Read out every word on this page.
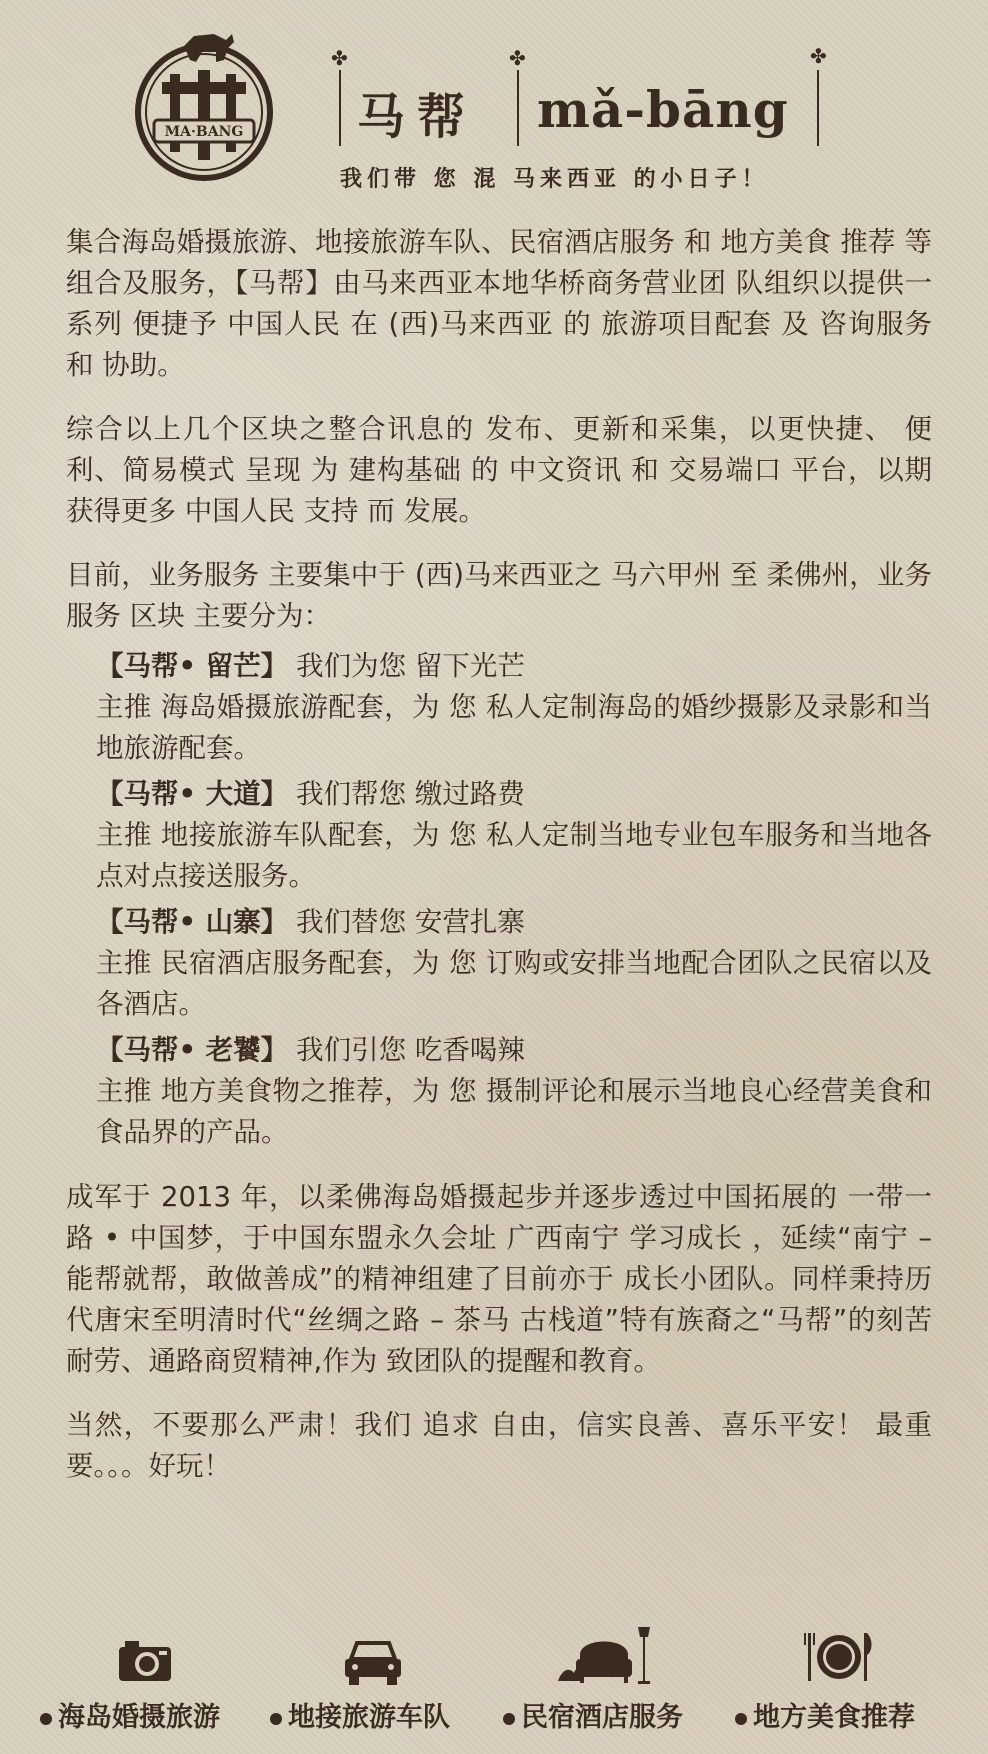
MA·BANG
✤	✤	✤
马帮 mǎ-bāng
我们带 您 混 马来西亚 的小日子！

集合海岛婚摄旅游、地接旅游车队、民宿酒店服务 和 地方美食 推荐 等 组合及服务，【马帮】由马来西亚本地华桥商务营业团 队组织以提供一系列 便捷予 中国人民 在 (西)马来西亚 的 旅游项目配套 及 咨询服务 和 协助。

综合以上几个区块之整合讯息的 发布、更新和采集，以更快捷、 便利、简易模式 呈现 为 建构基础 的 中文资讯 和 交易端口 平台，以期 获得更多 中国人民 支持 而 发展。

目前，业务服务 主要集中于 (西)马来西亚之 马六甲州 至 柔佛州，业务服务 区块 主要分为：

【马帮• 留芒】 我们为您 留下光芒
主推 海岛婚摄旅游配套，为 您 私人定制海岛的婚纱摄影及录影和当地旅游配套。
【马帮• 大道】 我们帮您 缴过路费
主推 地接旅游车队配套，为 您 私人定制当地专业包车服务和当地各点对点接送服务。
【马帮• 山寨】 我们替您 安营扎寨
主推 民宿酒店服务配套，为 您 订购或安排当地配合团队之民宿以及各酒店。
【马帮• 老饕】 我们引您 吃香喝辣
主推 地方美食物之推荐，为 您 摄制评论和展示当地良心经营美食和食品界的产品。

成军于 2013 年，以柔佛海岛婚摄起步并逐步透过中国拓展的 一带一路 • 中国梦，于中国东盟永久会址 广西南宁 学习成长 ，延续“南宁 – 能帮就帮，敢做善成”的精神组建了目前亦于 成长小团队。同样秉持历代唐宋至明清时代“丝绸之路 – 茶马 古栈道”特有族裔之“马帮”的刻苦耐劳、通路商贸精神,作为 致团队的提醒和教育。

当然，不要那么严肃！我们 追求 自由，信实良善、喜乐平安！ 最重要。。。好玩！

海岛婚摄旅游	地接旅游车队	民宿酒店服务	地方美食推荐
